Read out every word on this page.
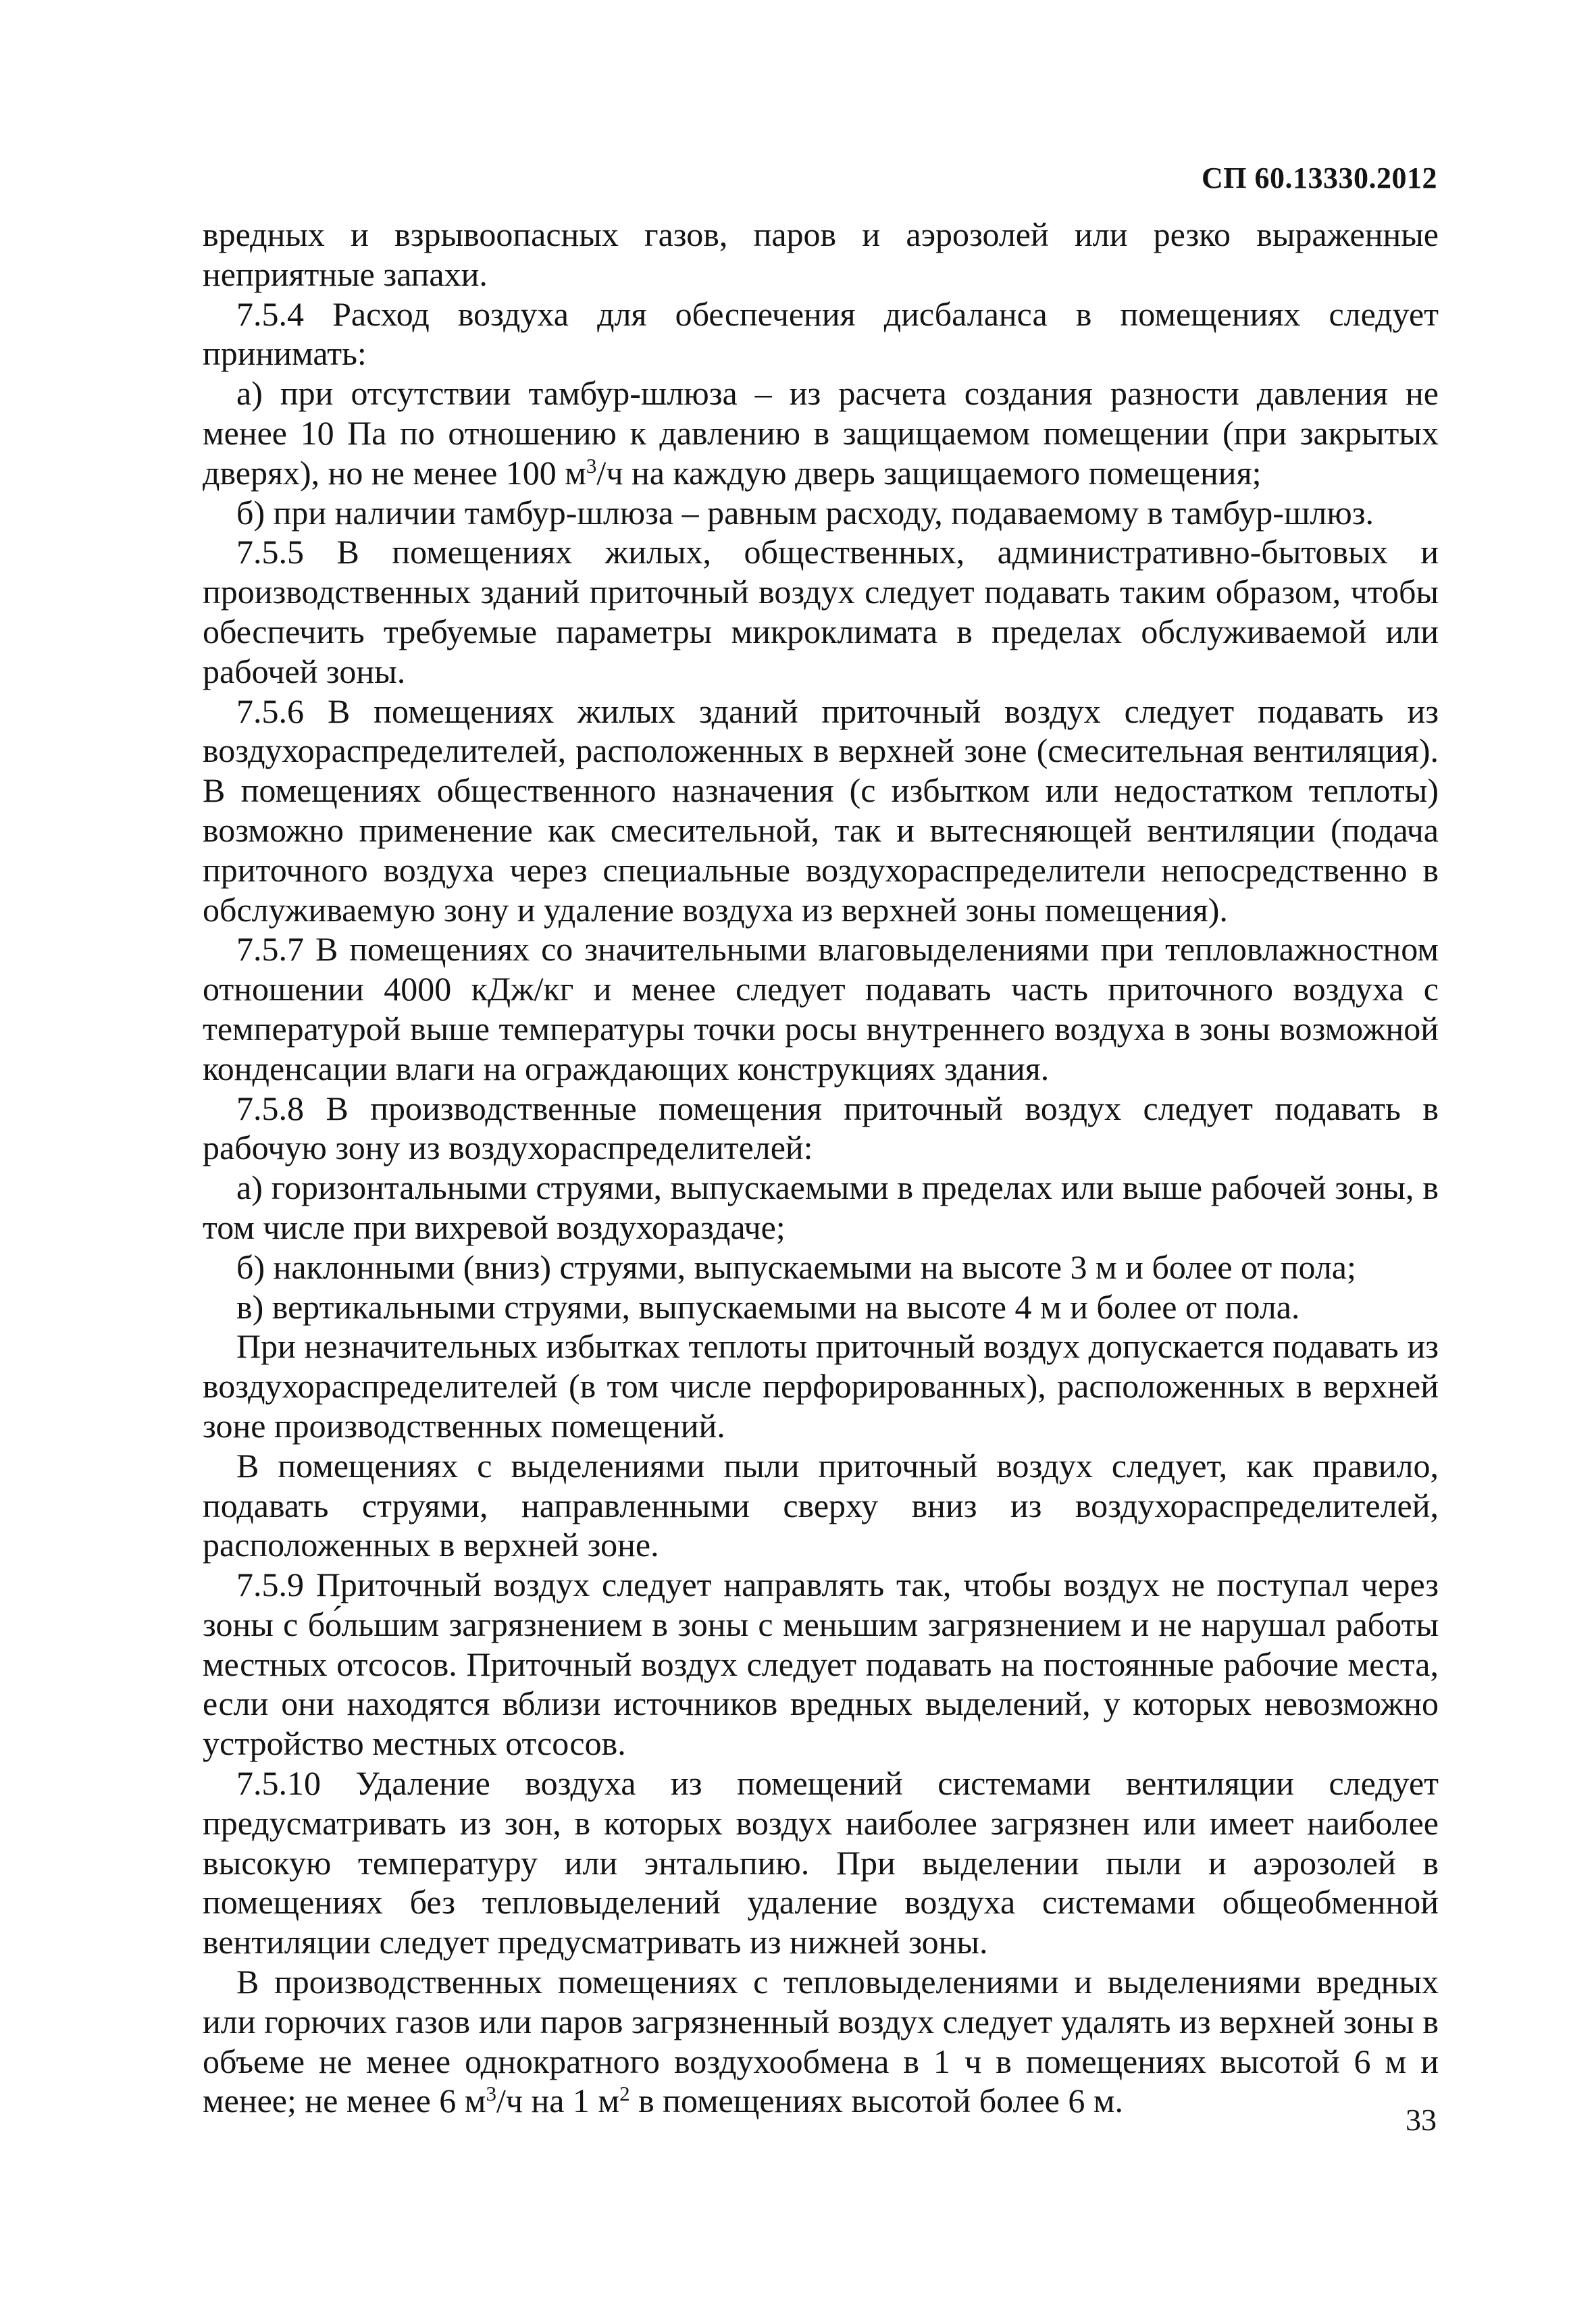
СП 60.13330.2012

вредных и взрывоопасных газов, паров и аэрозолей или резко выраженные неприятные запахи.

7.5.4 Расход воздуха для обеспечения дисбаланса в помещениях следует принимать:

а) при отсутствии тамбур-шлюза – из расчета создания разности давления не менее 10 Па по отношению к давлению в защищаемом помещении (при закрытых дверях), но не менее 100 $м^3/ч$ на каждую дверь защищаемого помещения;

б) при наличии тамбур-шлюза – равным расходу, подаваемому в тамбур-шлюз.

7.5.5 В помещениях жилых, общественных, административно-бытовых и производственных зданий приточный воздух следует подавать таким образом, чтобы обеспечить требуемые параметры микроклимата в пределах обслуживаемой или рабочей зоны.

7.5.6 В помещениях жилых зданий приточный воздух следует подавать из воздухораспределителей, расположенных в верхней зоне (смесительная вентиляция). В помещениях общественного назначения (с избытком или недостатком теплоты) возможно применение как смесительной, так и вытесняющей вентиляции (подача приточного воздуха через специальные воздухораспределители непосредственно в обслуживаемую зону и удаление воздуха из верхней зоны помещения).

7.5.7 В помещениях со значительными влаговыделениями при тепловлажностном отношении 4000 кДж/кг и менее следует подавать часть приточного воздуха с температурой выше температуры точки росы внутреннего воздуха в зоны возможной конденсации влаги на ограждающих конструкциях здания.

7.5.8 В производственные помещения приточный воздух следует подавать в рабочую зону из воздухораспределителей:

а) горизонтальными струями, выпускаемыми в пределах или выше рабочей зоны, в том числе при вихревой воздухораздаче;

б) наклонными (вниз) струями, выпускаемыми на высоте 3 м и более от пола;

в) вертикальными струями, выпускаемыми на высоте 4 м и более от пола.

При незначительных избытках теплоты приточный воздух допускается подавать из воздухораспределителей (в том числе перфорированных), расположенных в верхней зоне производственных помещений.

В помещениях с выделениями пыли приточный воздух следует, как правило, подавать струями, направленными сверху вниз из воздухораспределителей, расположенных в верхней зоне.

7.5.9 Приточный воздух следует направлять так, чтобы воздух не поступал через зоны с бо́льшим загрязнением в зоны с меньшим загрязнением и не нарушал работы местных отсосов. Приточный воздух следует подавать на постоянные рабочие места, если они находятся вблизи источников вредных выделений, у которых невозможно устройство местных отсосов.

7.5.10 Удаление воздуха из помещений системами вентиляции следует предусматривать из зон, в которых воздух наиболее загрязнен или имеет наиболее высокую температуру или энтальпию. При выделении пыли и аэрозолей в помещениях без тепловыделений удаление воздуха системами общеобменной вентиляции следует предусматривать из нижней зоны.

В производственных помещениях с тепловыделениями и выделениями вредных или горючих газов или паров загрязненный воздух следует удалять из верхней зоны в объеме не менее однократного воздухообмена в 1 ч в помещениях высотой 6 м и менее; не менее 6 $м^3/ч$ на 1 $м^2$ в помещениях высотой более 6 м.

33
